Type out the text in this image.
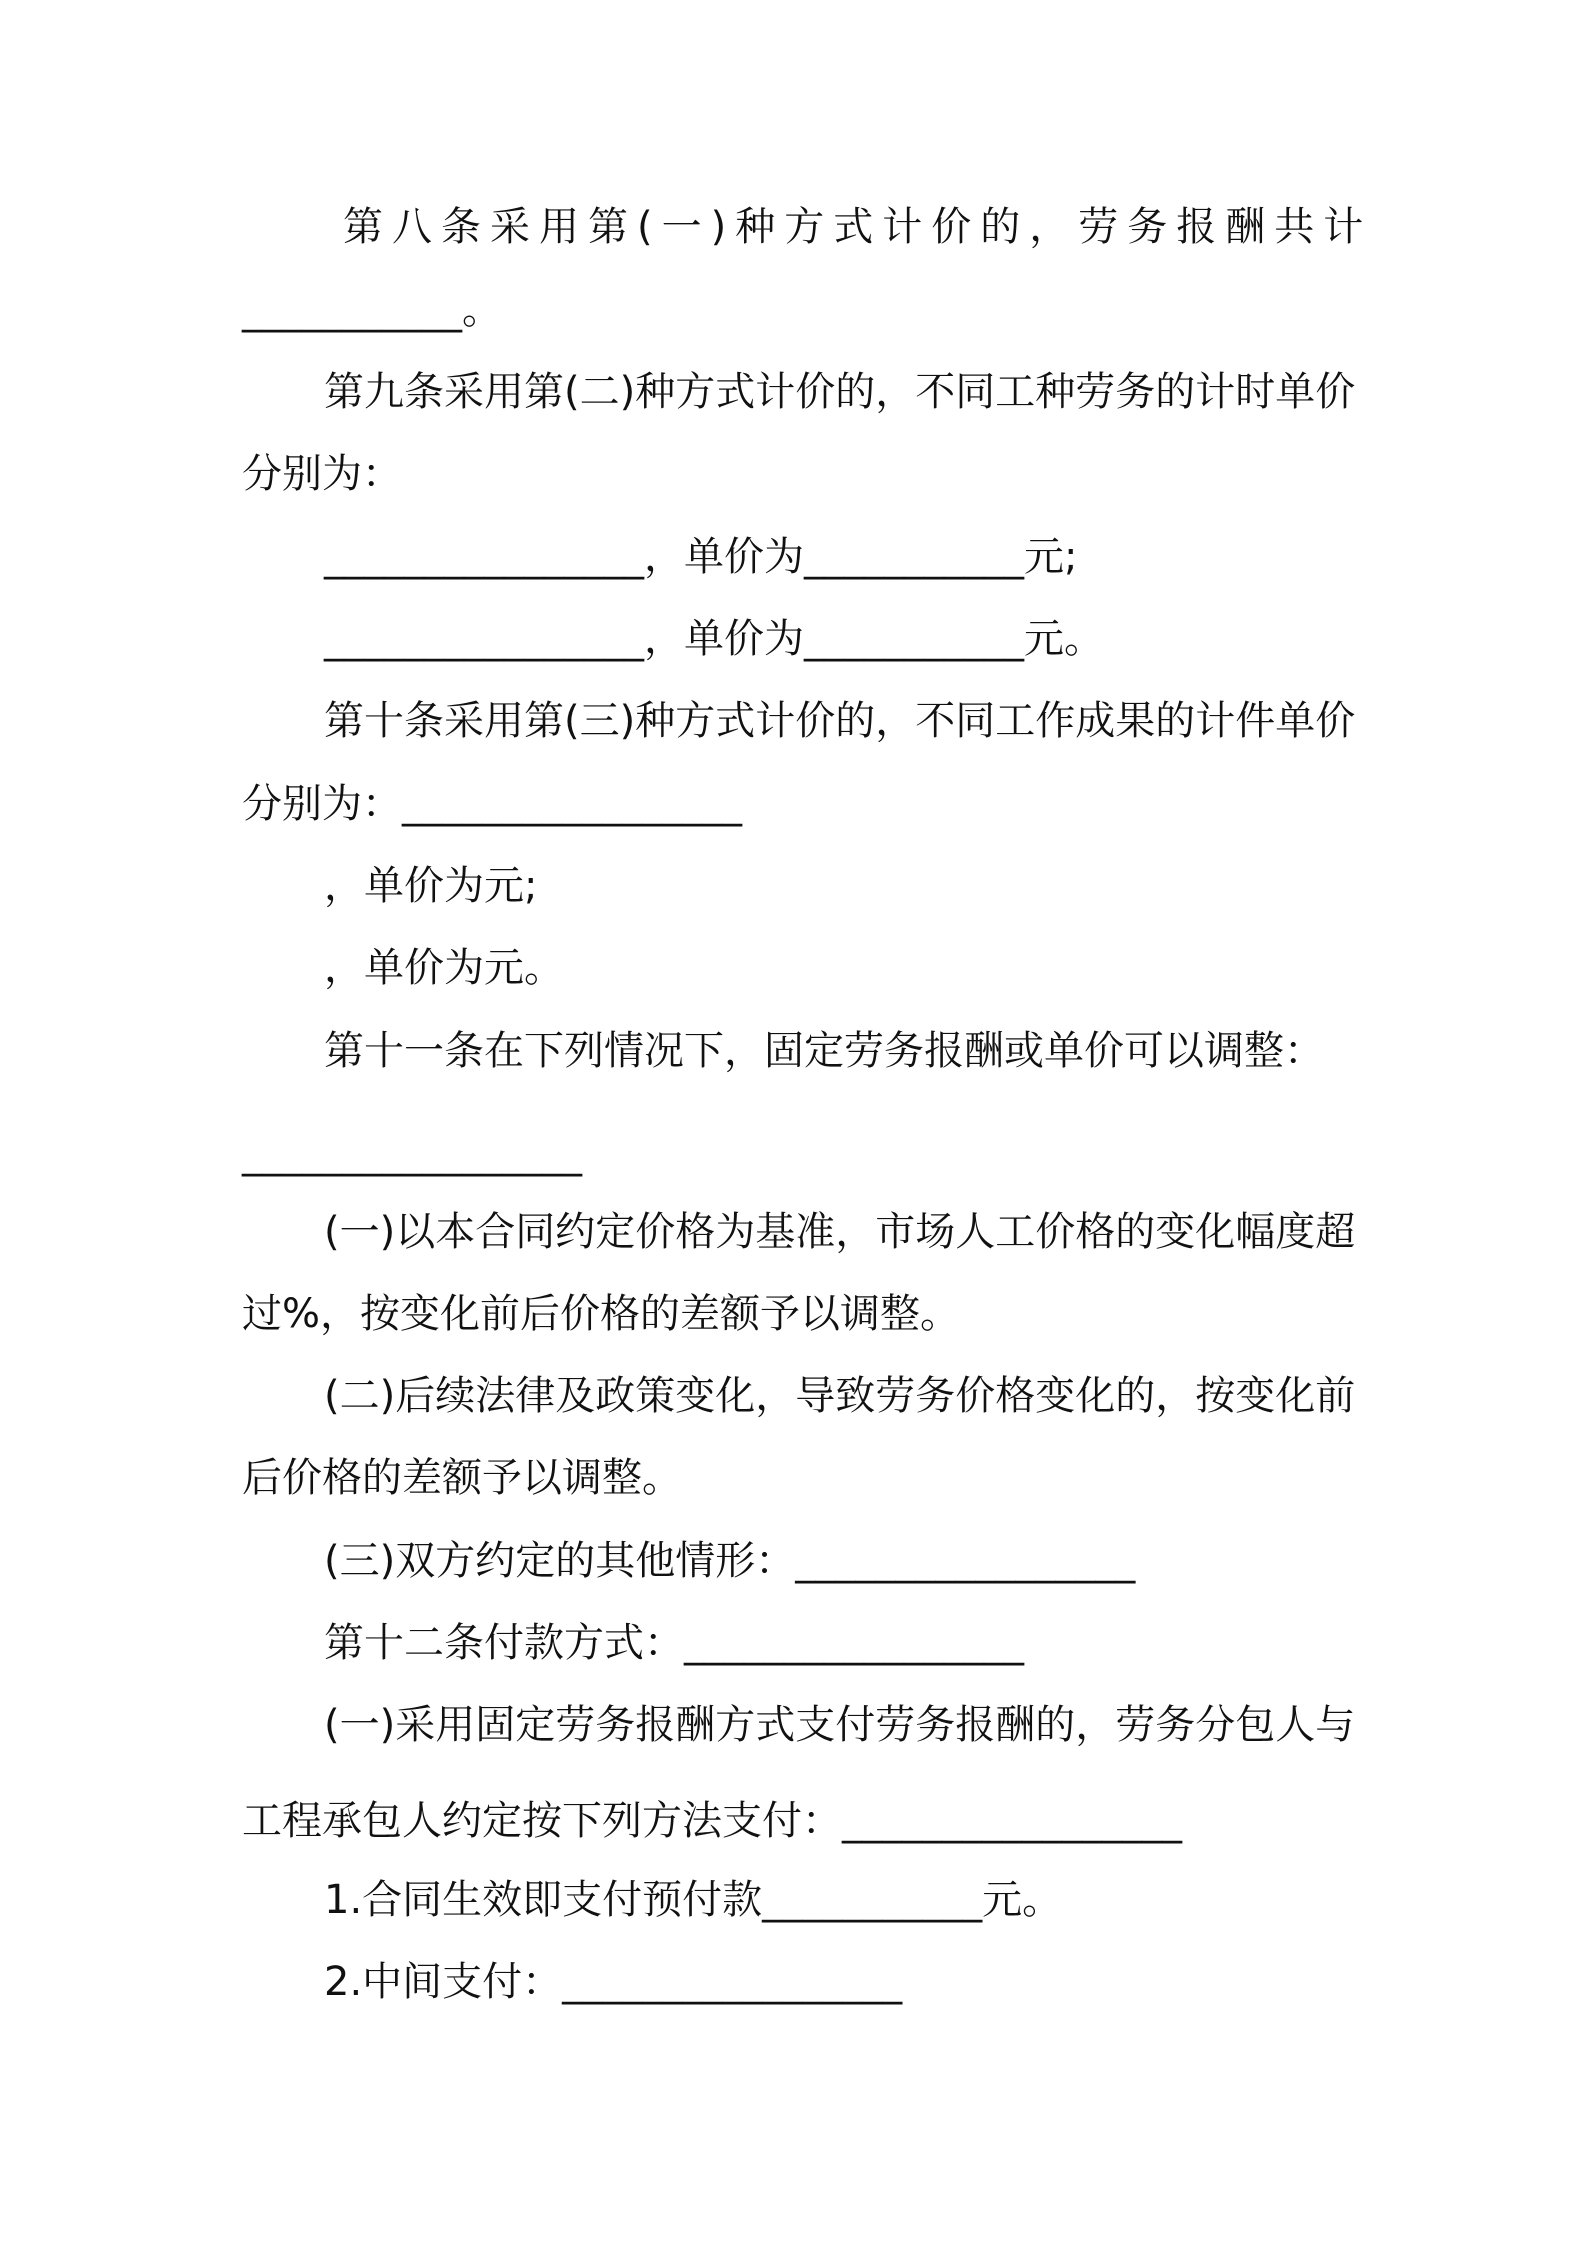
第八条采用第(一)种方式计价的，劳务报酬共计
___________。
第九条采用第(二)种方式计价的，不同工种劳务的计时单价
分别为：
________________，单价为___________元;
________________，单价为___________元。
第十条采用第(三)种方式计价的，不同工作成果的计件单价
分别为：_________________
，单价为元;
，单价为元。
第十一条在下列情况下，固定劳务报酬或单价可以调整：
_________________
(一)以本合同约定价格为基准，市场人工价格的变化幅度超
过%，按变化前后价格的差额予以调整。
(二)后续法律及政策变化，导致劳务价格变化的，按变化前
后价格的差额予以调整。
(三)双方约定的其他情形：_________________
第十二条付款方式：_________________
(一)采用固定劳务报酬方式支付劳务报酬的，劳务分包人与
工程承包人约定按下列方法支付：_________________
1.合同生效即支付预付款___________元。
2.中间支付：_________________
